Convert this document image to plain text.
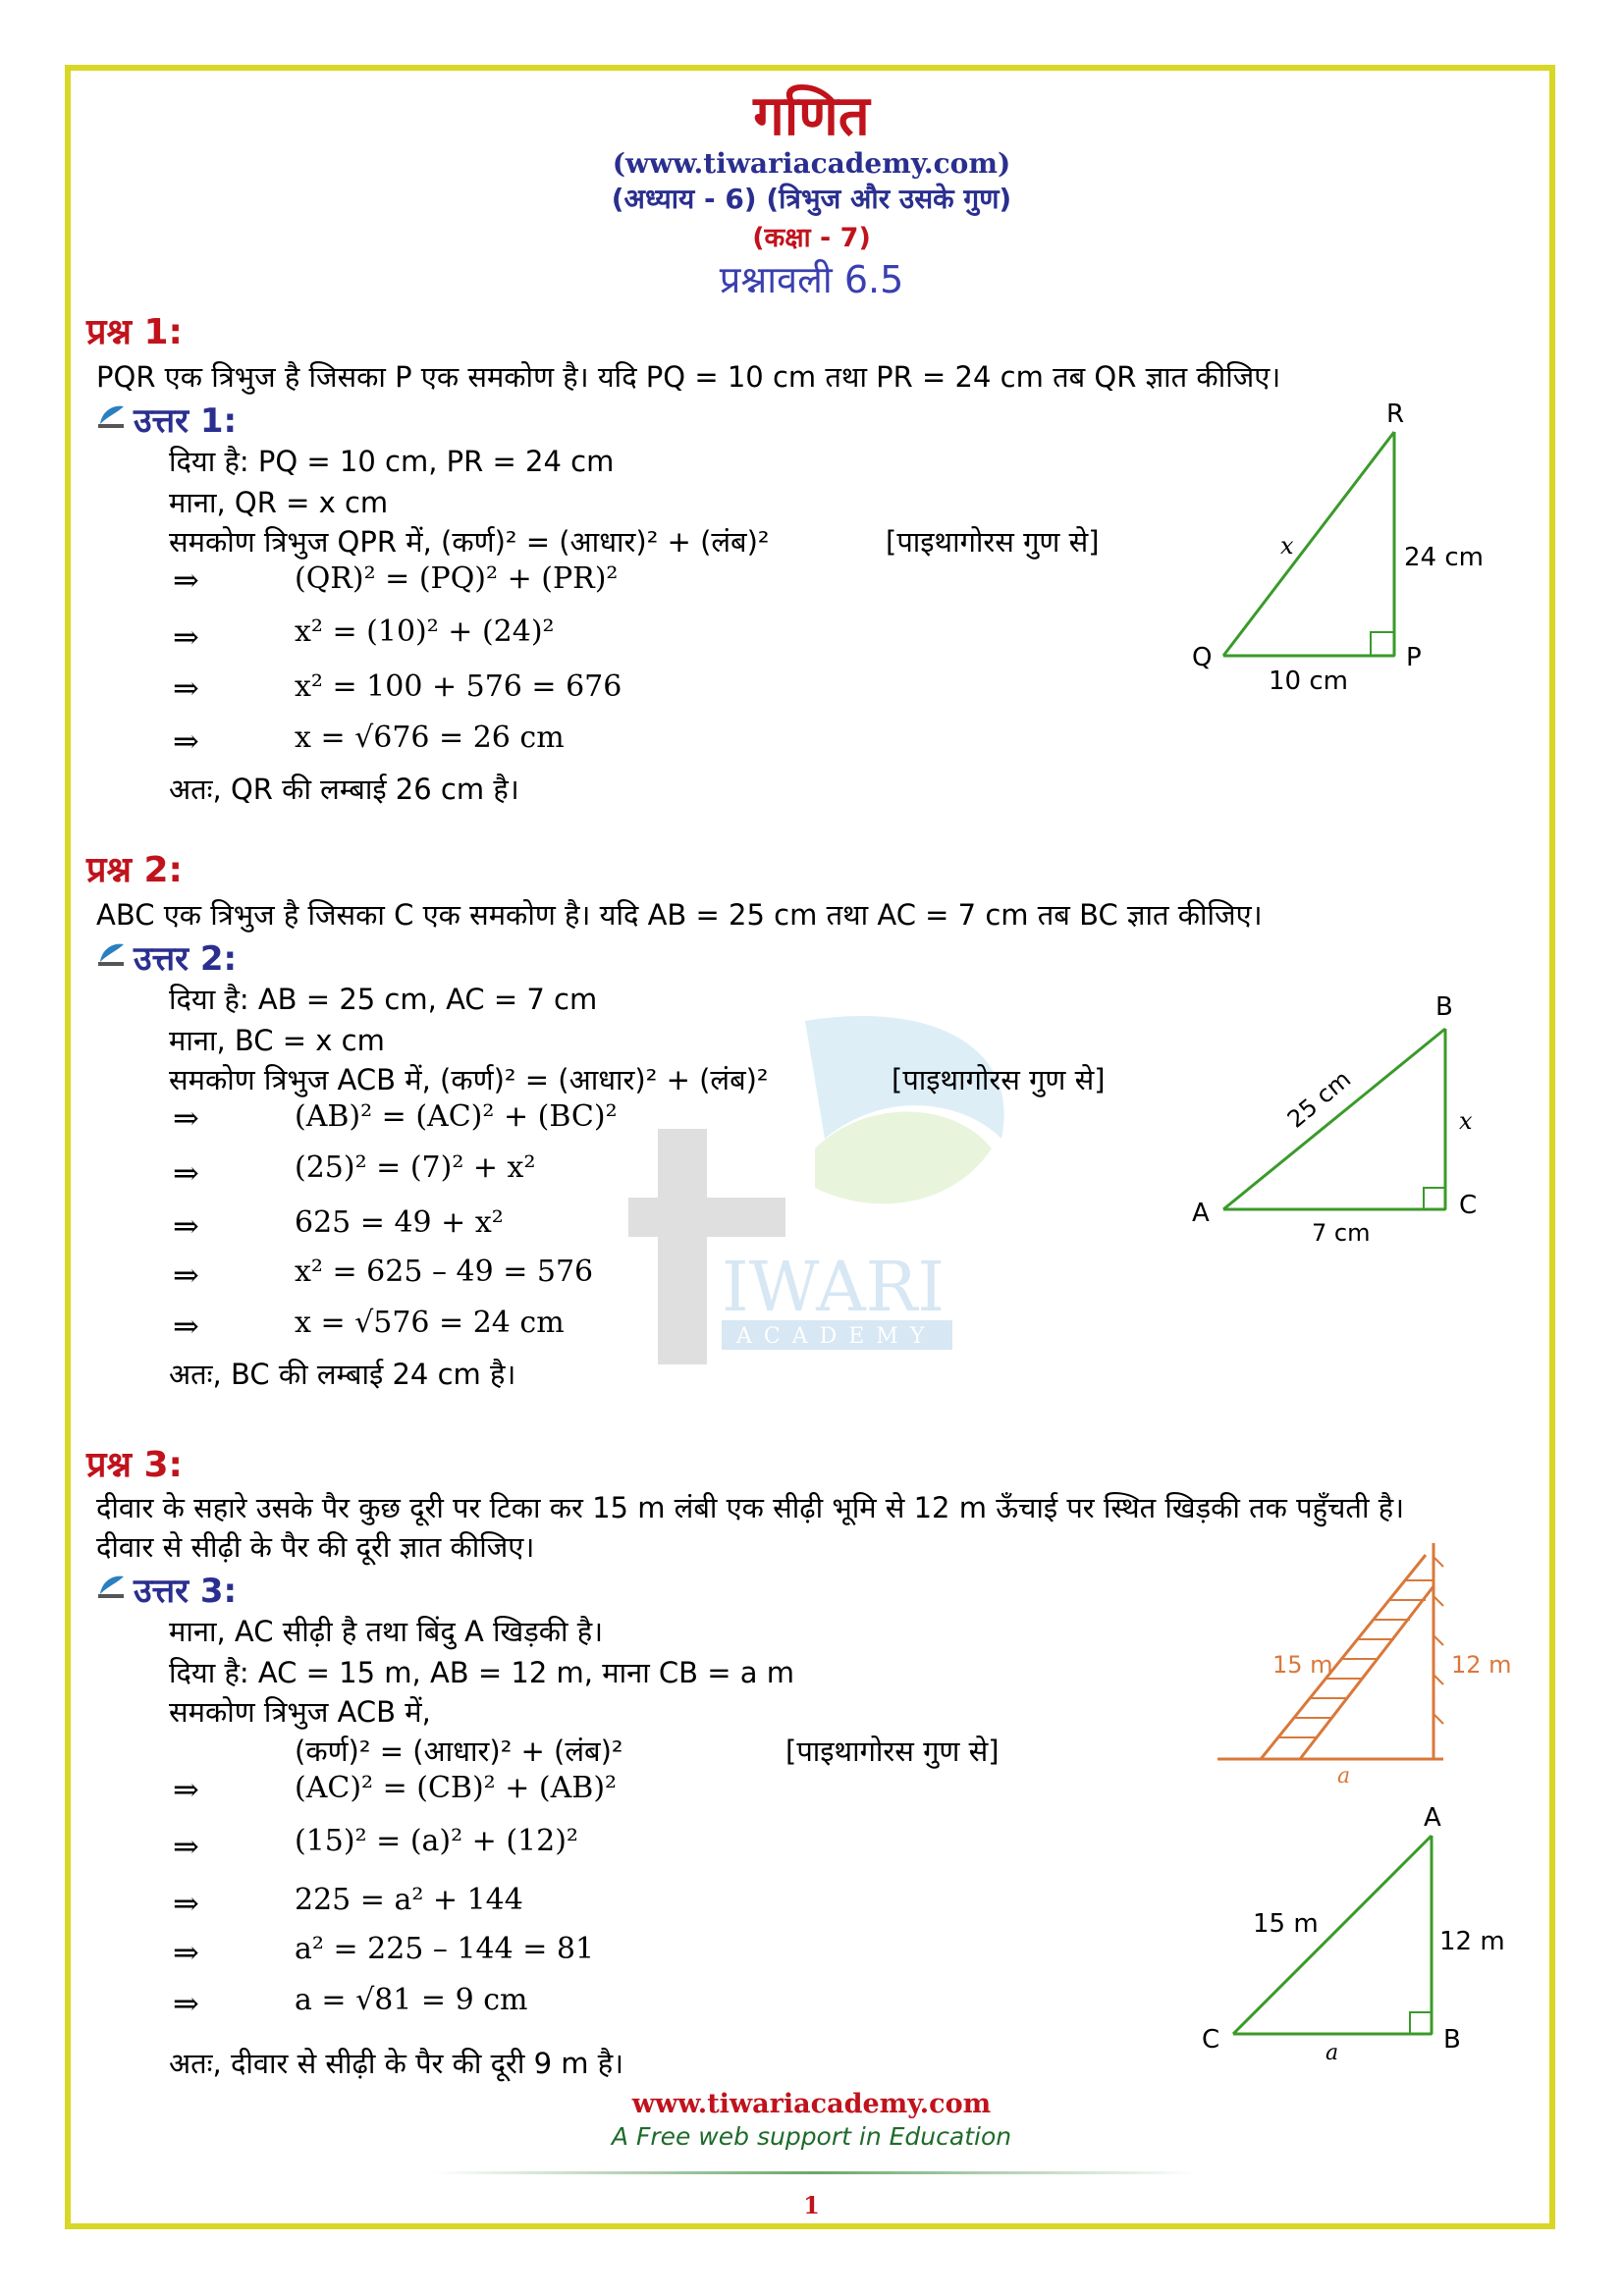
IWARI
ACADEMY
गणित
(www.tiwariacademy.com)
(अध्याय - 6) (त्रिभुज और उसके गुण)
(कक्षा - 7)
प्रश्नावली 6.5
प्रश्न 1:
PQR एक त्रिभुज है जिसका P एक समकोण है। यदि PQ = 10 cm तथा PR = 24 cm तब QR ज्ञात कीजिए।
उत्तर 1:
दिया है: PQ = 10 cm, PR = 24 cm
माना, QR = x cm
समकोण त्रिभुज QPR में, (कर्ण)² = (आधार)² + (लंब)²	[पाइथागोरस गुण से]
⇒	(QR)² = (PQ)² + (PR)²
⇒	x² = (10)² + (24)²
⇒	x² = 100 + 576 = 676
⇒	x = √676 = 26 cm
अतः, QR की लम्बाई 26 cm है।
R
Q	P
x	24 cm
10 cm
प्रश्न 2:
ABC एक त्रिभुज है जिसका C एक समकोण है। यदि AB = 25 cm तथा AC = 7 cm तब BC ज्ञात कीजिए।
उत्तर 2:
दिया है: AB = 25 cm, AC = 7 cm
माना, BC = x cm
समकोण त्रिभुज ACB में, (कर्ण)² = (आधार)² + (लंब)²	[पाइथागोरस गुण से]
⇒	(AB)² = (AC)² + (BC)²
⇒	(25)² = (7)² + x²
⇒	625 = 49 + x²
⇒	x² = 625 – 49 = 576
⇒	x = √576 = 24 cm
अतः, BC की लम्बाई 24 cm है।
B
A	C
25 cm	x
7 cm
प्रश्न 3:
दीवार के सहारे उसके पैर कुछ दूरी पर टिका कर 15 m लंबी एक सीढ़ी भूमि से 12 m ऊँचाई पर स्थित खिड़की तक पहुँचती है।
दीवार से सीढ़ी के पैर की दूरी ज्ञात कीजिए।
उत्तर 3:
माना, AC सीढ़ी है तथा बिंदु A खिड़की है।
दिया है: AC = 15 m, AB = 12 m, माना CB = a m
समकोण त्रिभुज ACB में,
(कर्ण)² = (आधार)² + (लंब)²	[पाइथागोरस गुण से]
⇒	(AC)² = (CB)² + (AB)²
⇒	(15)² = (a)² + (12)²
⇒	225 = a² + 144
⇒	a² = 225 – 144 = 81
⇒	a = √81 = 9 cm
अतः, दीवार से सीढ़ी के पैर की दूरी 9 m है।
15 m	12 m
a
A
C	B
15 m
12 m
a
www.tiwariacademy.com
A Free web support in Education
1
